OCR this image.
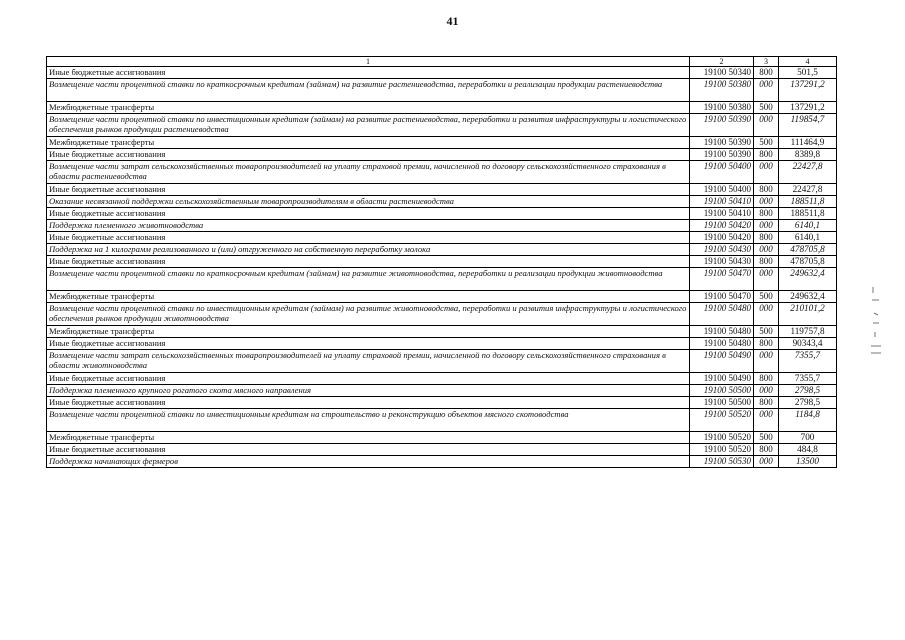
41
1	2	3	4
Иные бюджетные ассигнования	19100 50340	800	501,5
Возмещение части процентной ставки по краткосрочным кредитам (займам) на развитие растениеводства, переработки и реализации продукции растениеводства	19100 50380	000	137291,2
Межбюджетные трансферты	19100 50380	500	137291,2
Возмещение части процентной ставки по инвестиционным кредитам (займам) на развитие растениеводства, переработки и развития инфраструктуры и логистического обеспечения рынков продукции растениеводства	19100 50390	000	119854,7
Межбюджетные трансферты	19100 50390	500	111464,9
Иные бюджетные ассигнования	19100 50390	800	8389,8
Возмещение части затрат сельскохозяйственных товаропроизводителей на уплату страховой премии, начисленной по договору сельскохозяйственного страхования в области растениеводства	19100 50400	000	22427,8
Иные бюджетные ассигнования	19100 50400	800	22427,8
Оказание несвязанной поддержки сельскохозяйственным товаропроизводителям в области растениеводства	19100 50410	000	188511,8
Иные бюджетные ассигнования	19100 50410	800	188511,8
Поддержка племенного животноводства	19100 50420	000	6140,1
Иные бюджетные ассигнования	19100 50420	800	6140,1
Поддержка на 1 килограмм реализованного и (или) отгруженного на собственную переработку молока	19100 50430	000	478705,8
Иные бюджетные ассигнования	19100 50430	800	478705,8
Возмещение части процентной ставки по краткосрочным кредитам (займам) на развитие животноводства, переработки и реализации продукции животноводства	19100 50470	000	249632,4
Межбюджетные трансферты	19100 50470	500	249632,4
Возмещение части процентной ставки по инвестиционным кредитам (займам) на развитие животноводства, переработки и развития инфраструктуры и логистического обеспечения рынков продукции животноводства	19100 50480	000	210101,2
Межбюджетные трансферты	19100 50480	500	119757,8
Иные бюджетные ассигнования	19100 50480	800	90343,4
Возмещение части затрат сельскохозяйственных товаропроизводителей на уплату страховой премии, начисленной по договору сельскохозяйственного страхования в области животноводства	19100 50490	000	7355,7
Иные бюджетные ассигнования	19100 50490	800	7355,7
Поддержка племенного крупного рогатого скота мясного направления	19100 50500	000	2798,5
Иные бюджетные ассигнования	19100 50500	800	2798,5
Возмещение части процентной ставки по инвестиционным кредитам на строительство и реконструкцию объектов мясного скотоводства	19100 50520	000	1184,8
Межбюджетные трансферты	19100 50520	500	700
Иные бюджетные ассигнования	19100 50520	800	484,8
Поддержка начинающих фермеров	19100 50530	000	13500
